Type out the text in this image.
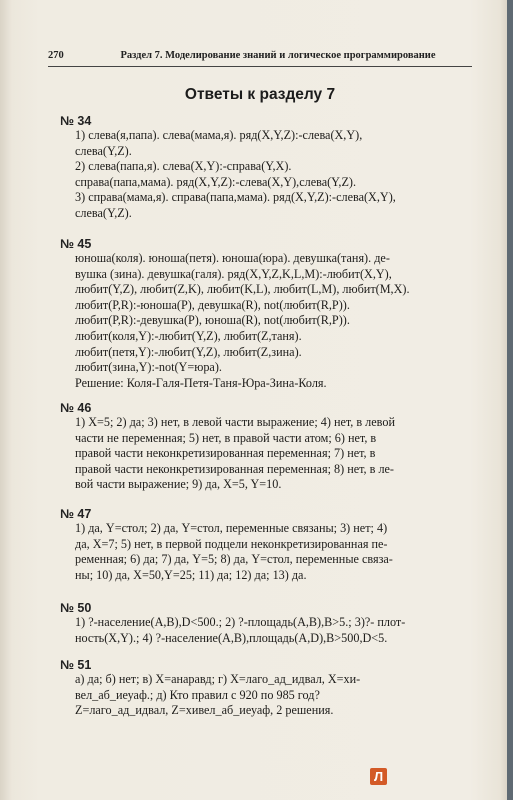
270	Раздел 7. Моделирование знаний и логическое программирование
Ответы к разделу 7
№ 34
1) слева(я,папа). слева(мама,я). ряд(X,Y,Z):-слева(X,Y),
слева(Y,Z).
2) слева(папа,я). слева(X,Y):-справа(Y,X).
справа(папа,мама). ряд(X,Y,Z):-слева(X,Y),слева(Y,Z).
3) справа(мама,я). справа(папа,мама). ряд(X,Y,Z):-слева(X,Y),
слева(Y,Z).
№ 45
юноша(коля). юноша(петя). юноша(юра). девушка(таня). де-
вушка (зина). девушка(галя). ряд(X,Y,Z,K,L,M):-любит(X,Y),
любит(Y,Z), любит(Z,K), любит(K,L), любит(L,M), любит(M,X).
любит(P,R):-юноша(P), девушка(R), not(любит(R,P)).
любит(P,R):-девушка(P), юноша(R), not(любит(R,P)).
любит(коля,Y):-любит(Y,Z), любит(Z,таня).
любит(петя,Y):-любит(Y,Z), любит(Z,зина).
любит(зина,Y):-not(Y=юра).
Решение: Коля-Галя-Петя-Таня-Юра-Зина-Коля.
№ 46
1) X=5; 2) да; 3) нет, в левой части выражение; 4) нет, в левой
части не переменная; 5) нет, в правой части атом; 6) нет, в
правой части неконкретизированная переменная; 7) нет, в
правой части неконкретизированная переменная; 8) нет, в ле-
вой части выражение; 9) да, X=5, Y=10.
№ 47
1) да, Y=стол; 2) да, Y=стол, переменные связаны; 3) нет; 4)
да, X=7; 5) нет, в первой подцели неконкретизированная пе-
ременная; 6) да; 7) да, Y=5; 8) да, Y=стол, переменные связа-
ны; 10) да, X=50,Y=25; 11) да; 12) да; 13) да.
№ 50
1) ?-население(A,B),D<500.; 2) ?-площадь(A,B),B>5.; 3)?- плот-
ность(X,Y).; 4) ?-население(A,B),площадь(A,D),B>500,D<5.
№ 51
а) да; б) нет; в) X=анаравд; г) X=лаго_ад_идвал, X=хи-
вел_аб_иеуаф.; д) Кто правил с 920 по 985 год?
Z=лаго_ад_идвал, Z=хивел_аб_иеуаф, 2 решения.
Л
